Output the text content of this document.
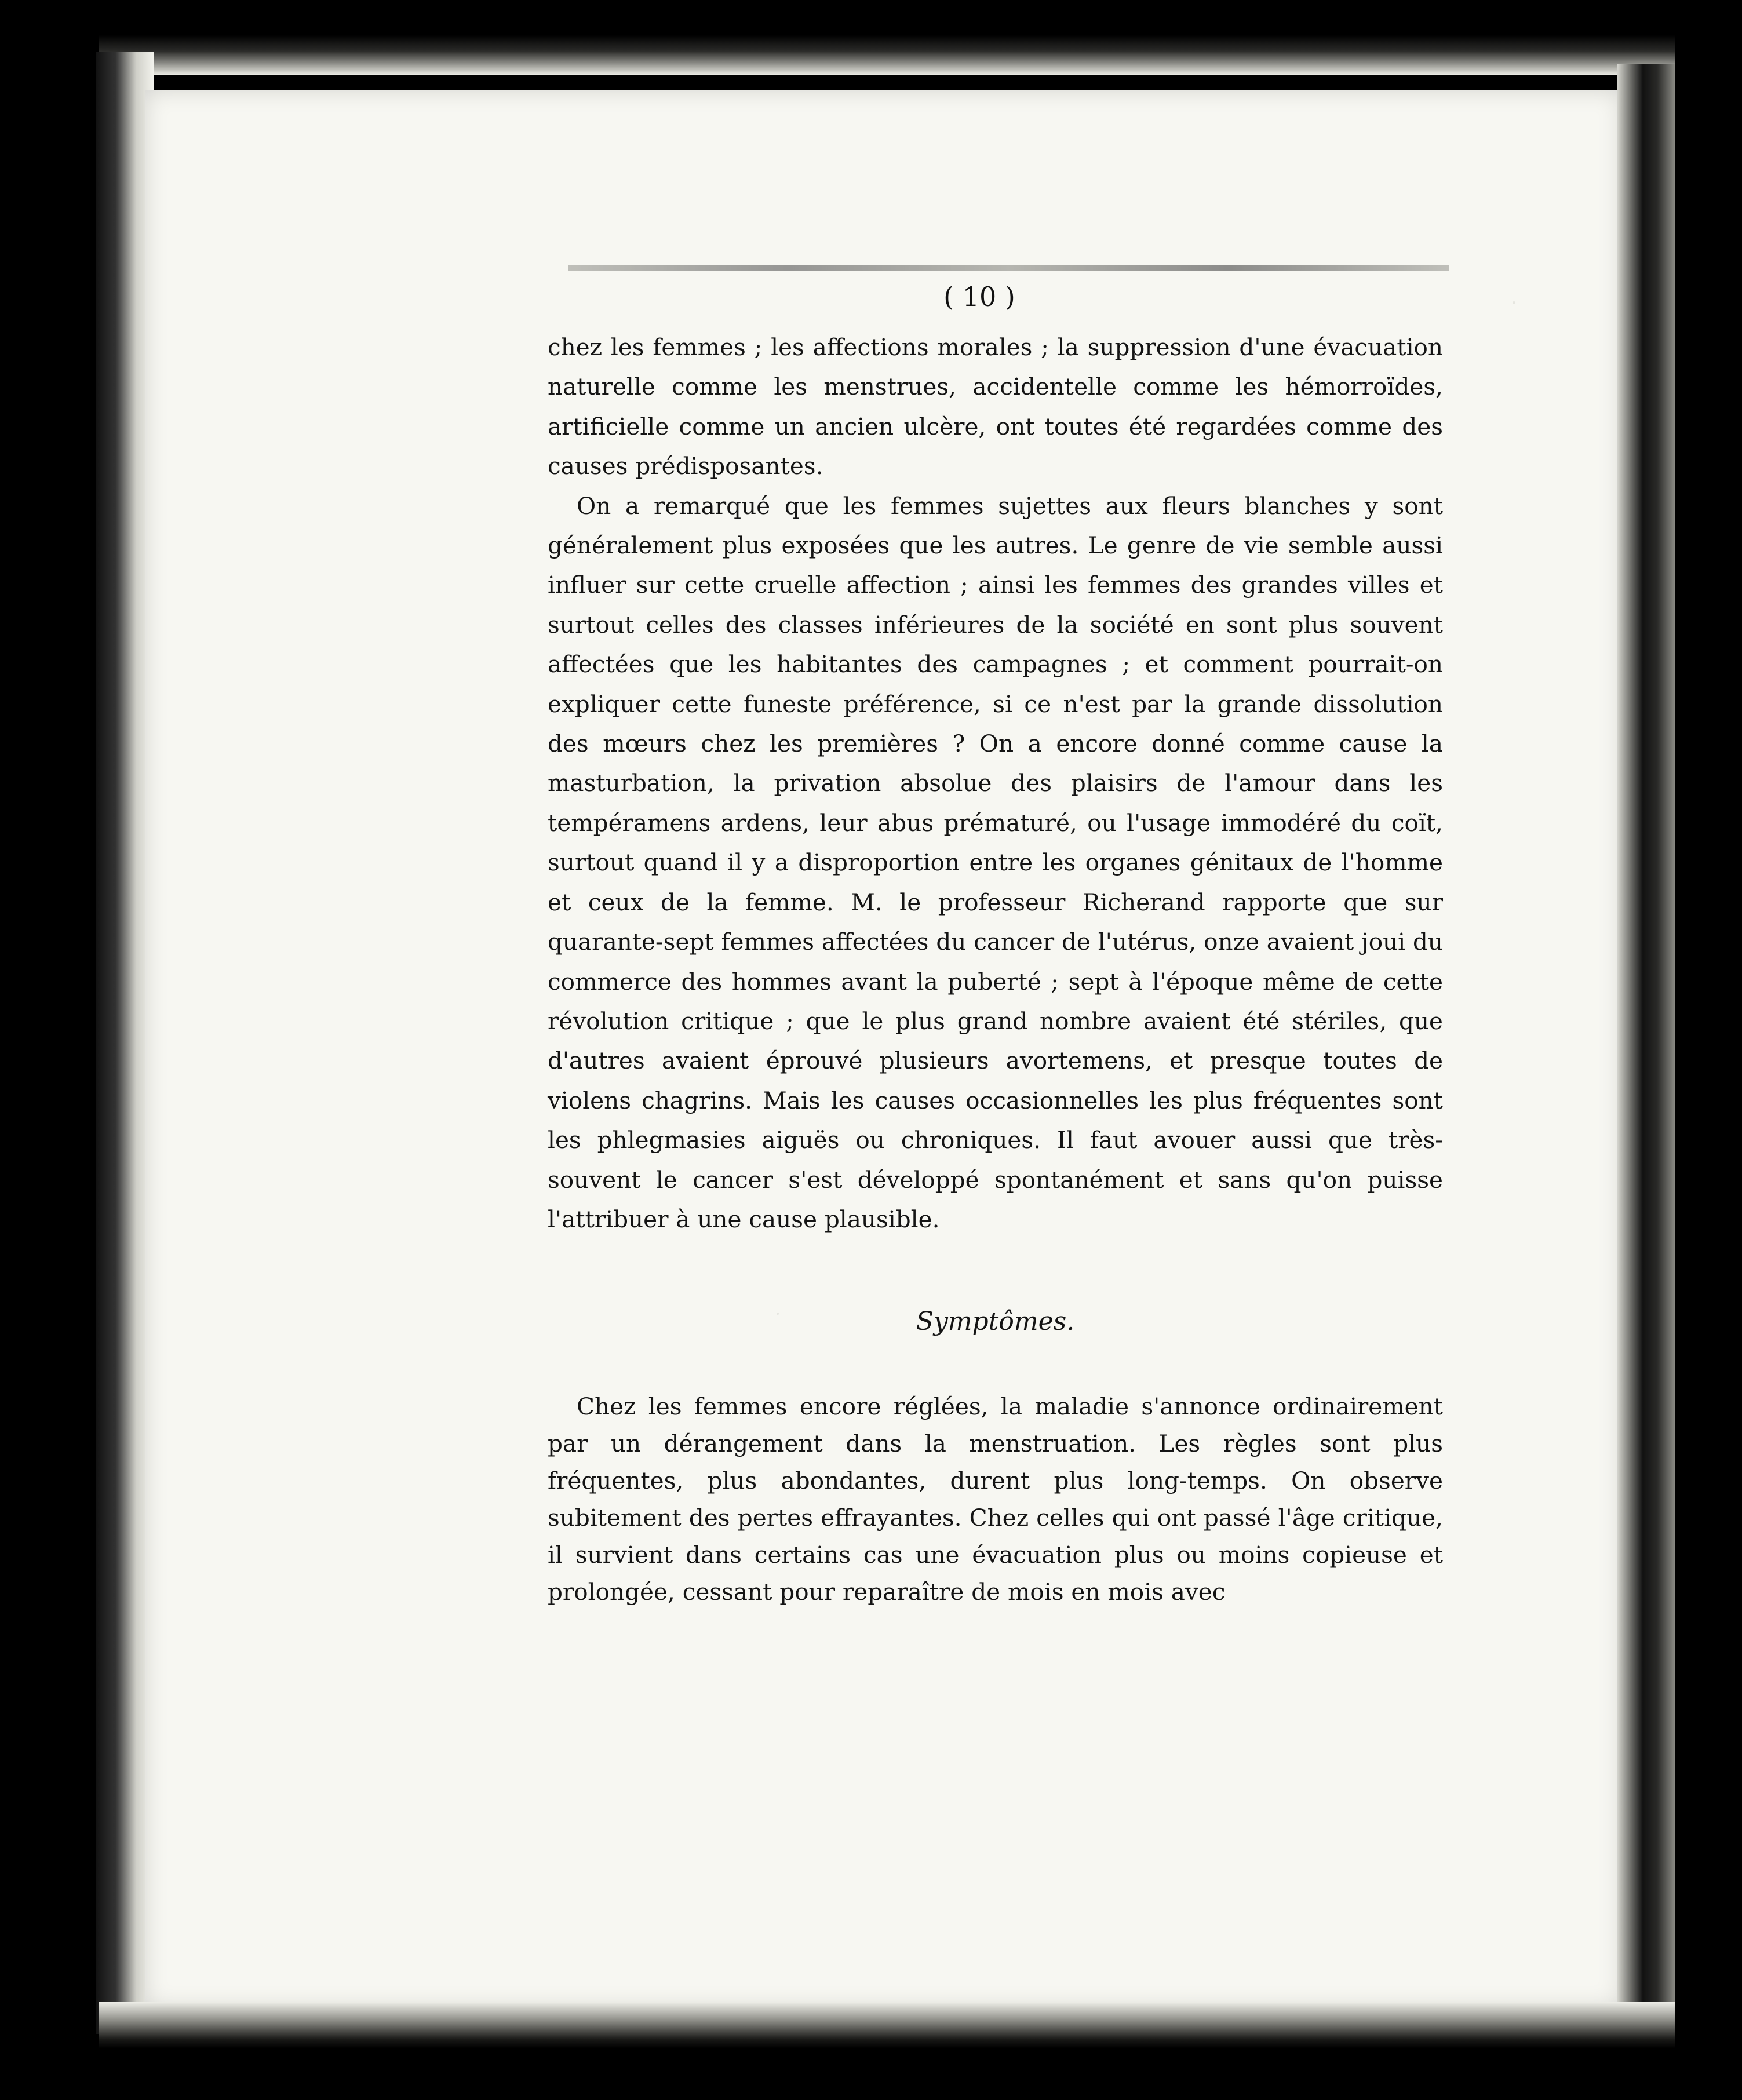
( 10 )

chez les femmes ; les affections morales ; la suppression d'une évacuation naturelle comme les menstrues, accidentelle comme les hémorroïdes, artificielle comme un ancien ulcère, ont toutes été regardées comme des causes prédisposantes.

On a remarqué que les femmes sujettes aux fleurs blanches y sont généralement plus exposées que les autres. Le genre de vie semble aussi influer sur cette cruelle affection ; ainsi les femmes des grandes villes et surtout celles des classes inférieures de la société en sont plus souvent affectées que les habitantes des campagnes ; et comment pourrait-on expliquer cette funeste préférence, si ce n'est par la grande dissolution des mœurs chez les premières ? On a encore donné comme cause la masturbation, la privation absolue des plaisirs de l'amour dans les tempéramens ardens, leur abus prématuré, ou l'usage immodéré du coït, surtout quand il y a disproportion entre les organes génitaux de l'homme et ceux de la femme. M. le professeur Richerand rapporte que sur quarante-sept femmes affectées du cancer de l'utérus, onze avaient joui du commerce des hommes avant la puberté ; sept à l'époque même de cette révolution critique ; que le plus grand nombre avaient été stériles, que d'autres avaient éprouvé plusieurs avortemens, et presque toutes de violens chagrins. Mais les causes occasionnelles les plus fréquentes sont les phlegmasies aiguës ou chroniques. Il faut avouer aussi que très-souvent le cancer s'est développé spontanément et sans qu'on puisse l'attribuer à une cause plausible.

Symptômes.

Chez les femmes encore réglées, la maladie s'annonce ordinairement par un dérangement dans la menstruation. Les règles sont plus fréquentes, plus abondantes, durent plus long-temps. On observe subitement des pertes effrayantes. Chez celles qui ont passé l'âge critique, il survient dans certains cas une évacuation plus ou moins copieuse et prolongée, cessant pour reparaître de mois en mois avec
